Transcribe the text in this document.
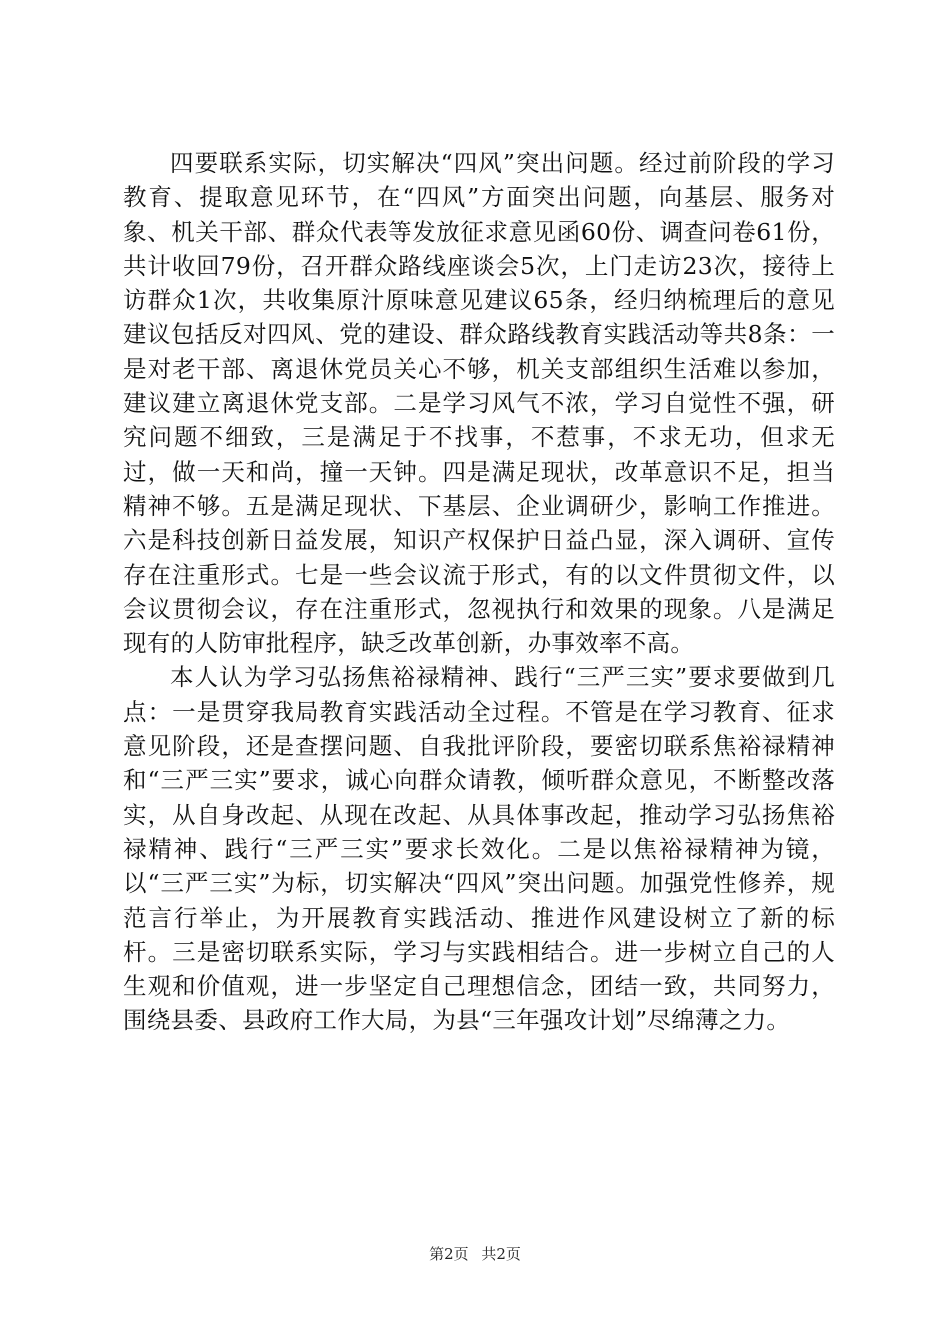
四要联系实际，切实解决“四风”突出问题。经过前阶段的学习教育、提取意见环节，在“四风”方面突出问题，向基层、服务对象、机关干部、群众代表等发放征求意见函60份、调查问卷61份，共计收回79份，召开群众路线座谈会5次，上门走访23次，接待上访群众1次，共收集原汁原味意见建议65条，经归纳梳理后的意见建议包括反对四风、党的建设、群众路线教育实践活动等共8条：一是对老干部、离退休党员关心不够，机关支部组织生活难以参加，建议建立离退休党支部。二是学习风气不浓，学习自觉性不强，研究问题不细致，三是满足于不找事，不惹事，不求无功，但求无过，做一天和尚，撞一天钟。四是满足现状，改革意识不足，担当精神不够。五是满足现状、下基层、企业调研少，影响工作推进。六是科技创新日益发展，知识产权保护日益凸显，深入调研、宣传存在注重形式。七是一些会议流于形式，有的以文件贯彻文件，以会议贯彻会议，存在注重形式，忽视执行和效果的现象。八是满足现有的人防审批程序，缺乏改革创新，办事效率不高。

本人认为学习弘扬焦裕禄精神、践行“三严三实”要求要做到几点：一是贯穿我局教育实践活动全过程。不管是在学习教育、征求意见阶段，还是查摆问题、自我批评阶段，要密切联系焦裕禄精神和“三严三实”要求，诚心向群众请教，倾听群众意见，不断整改落实，从自身改起、从现在改起、从具体事改起，推动学习弘扬焦裕禄精神、践行“三严三实”要求长效化。二是以焦裕禄精神为镜，以“三严三实”为标，切实解决“四风”突出问题。加强党性修养，规范言行举止，为开展教育实践活动、推进作风建设树立了新的标杆。三是密切联系实际，学习与实践相结合。进一步树立自己的人生观和价值观，进一步坚定自己理想信念，团结一致，共同努力，围绕县委、县政府工作大局，为县“三年强攻计划”尽绵薄之力。

第2页 共2页
